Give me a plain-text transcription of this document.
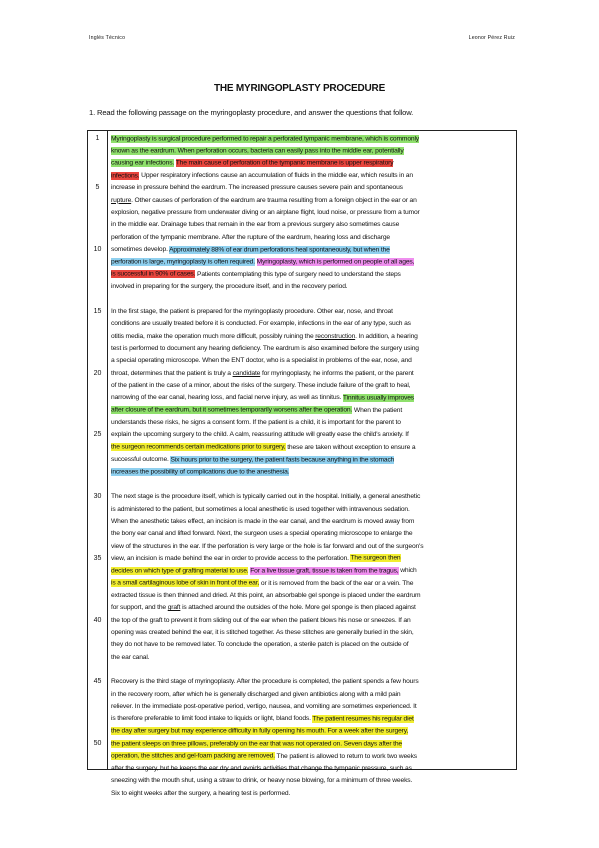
Inglés Técnico	Leonor Pérez Ruiz
THE MYRINGOPLASTY PROCEDURE
1. Read the following passage on the myringoplasty procedure, and answer the questions that follow.
1
5
10
15
20
25
30
35
40
45
50
Myringoplasty is surgical procedure performed to repair a perforated tympanic membrane, which is commonly
known as the eardrum. When perforation occurs, bacteria can easily pass into the middle ear, potentially
causing ear infections. The main cause of perforation of the tympanic membrane is upper respiratory
infections. Upper respiratory infections cause an accumulation of fluids in the middle ear, which results in an
increase in pressure behind the eardrum. The increased pressure causes severe pain and spontaneous
rupture. Other causes of perforation of the eardrum are trauma resulting from a foreign object in the ear or an
explosion, negative pressure from underwater diving or an airplane flight, loud noise, or pressure from a tumor
in the middle ear. Drainage tubes that remain in the ear from a previous surgery also sometimes cause
perforation of the tympanic membrane. After the rupture of the eardrum, hearing loss and discharge
sometimes develop. Approximately 88% of ear drum perforations heal spontaneously, but when the
perforation is large, myringoplasty is often required. Myringoplasty, which is performed on people of all ages,
is successful in 90% of cases. Patients contemplating this type of surgery need to understand the steps
involved in preparing for the surgery, the procedure itself, and in the recovery period.
In the first stage, the patient is prepared for the myringoplasty procedure. Other ear, nose, and throat
conditions are usually treated before it is conducted. For example, infections in the ear of any type, such as
otitis media, make the operation much more difficult, possibly ruining the reconstruction. In addition, a hearing
test is performed to document any hearing deficiency. The eardrum is also examined before the surgery using
a special operating microscope. When the ENT doctor, who is a specialist in problems of the ear, nose, and
throat, determines that the patient is truly a candidate for myringoplasty, he informs the patient, or the parent
of the patient in the case of a minor, about the risks of the surgery. These include failure of the graft to heal,
narrowing of the ear canal, hearing loss, and facial nerve injury, as well as tinnitus. Tinnitus usually improves
after closure of the eardrum, but it sometimes temporarily worsens after the operation. When the patient
understands these risks, he signs a consent form. If the patient is a child, it is important for the parent to
explain the upcoming surgery to the child. A calm, reassuring attitude will greatly ease the child's anxiety. If
the surgeon recommends certain medications prior to surgery, these are taken without exception to ensure a
successful outcome. Six hours prior to the surgery, the patient fasts because anything in the stomach
increases the possibility of complications due to the anesthesia.
The next stage is the procedure itself, which is typically carried out in the hospital. Initially, a general anesthetic
is administered to the patient, but sometimes a local anesthetic is used together with intravenous sedation.
When the anesthetic takes effect, an incision is made in the ear canal, and the eardrum is moved away from
the bony ear canal and lifted forward. Next, the surgeon uses a special operating microscope to enlarge the
view of the structures in the ear. If the perforation is very large or the hole is far forward and out of the surgeon's
view, an incision is made behind the ear in order to provide access to the perforation. The surgeon then
decides on which type of grafting material to use. For a live tissue graft, tissue is taken from the tragus, which
is a small cartilaginous lobe of skin in front of the ear, or it is removed from the back of the ear or a vein. The
extracted tissue is then thinned and dried. At this point, an absorbable gel sponge is placed under the eardrum
for support, and the graft is attached around the outsides of the hole. More gel sponge is then placed against
the top of the graft to prevent it from sliding out of the ear when the patient blows his nose or sneezes. If an
opening was created behind the ear, it is stitched together. As these stitches are generally buried in the skin,
they do not have to be removed later. To conclude the operation, a sterile patch is placed on the outside of
the ear canal.
Recovery is the third stage of myringoplasty. After the procedure is completed, the patient spends a few hours
in the recovery room, after which he is generally discharged and given antibiotics along with a mild pain
reliever. In the immediate post-operative period, vertigo, nausea, and vomiting are sometimes experienced. It
is therefore preferable to limit food intake to liquids or light, bland foods. The patient resumes his regular diet
the day after surgery but may experience difficulty in fully opening his mouth. For a week after the surgery,
the patient sleeps on three pillows, preferably on the ear that was not operated on. Seven days after the
operation, the stitches and gel-foam packing are removed. The patient is allowed to return to work two weeks
after the surgery, but he keeps the ear dry and avoids activities that change the tympanic pressure, such as
sneezing with the mouth shut, using a straw to drink, or heavy nose blowing, for a minimum of three weeks.
Six to eight weeks after the surgery, a hearing test is performed.
